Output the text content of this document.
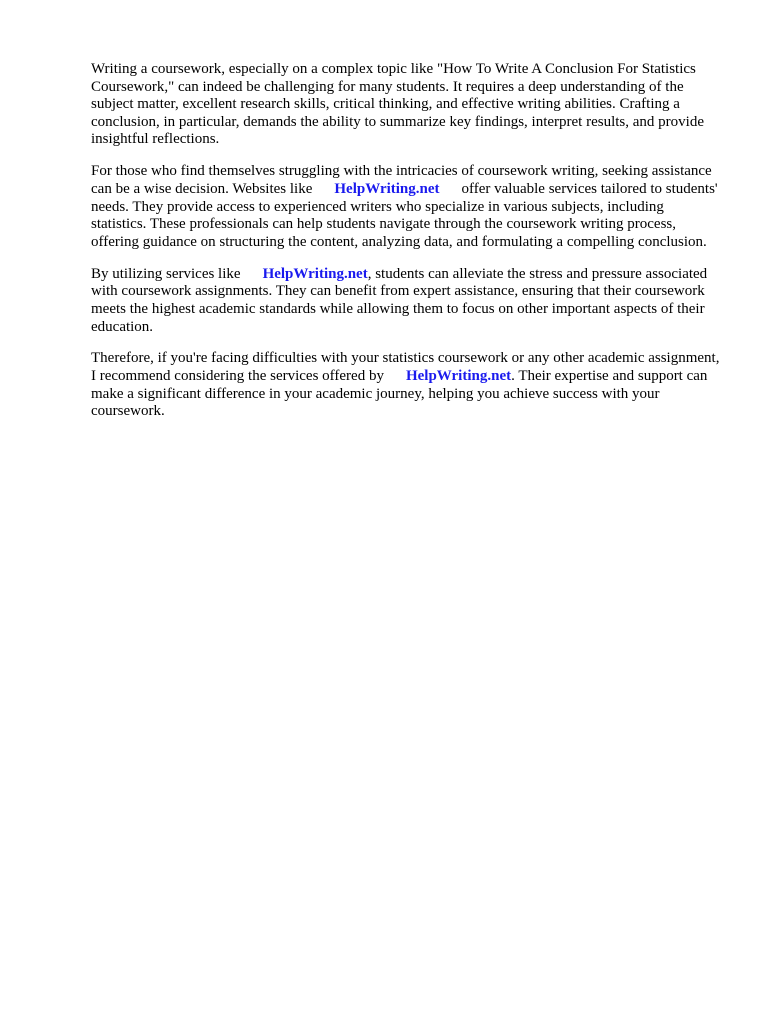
Writing a coursework, especially on a complex topic like "How To Write A Conclusion For Statistics Coursework," can indeed be challenging for many students. It requires a deep understanding of the subject matter, excellent research skills, critical thinking, and effective writing abilities. Crafting a conclusion, in particular, demands the ability to summarize key findings, interpret results, and provide insightful reflections.

For those who find themselves struggling with the intricacies of coursework writing, seeking assistance can be a wise decision. Websites like HelpWriting.net offer valuable services tailored to students' needs. They provide access to experienced writers who specialize in various subjects, including statistics. These professionals can help students navigate through the coursework writing process, offering guidance on structuring the content, analyzing data, and formulating a compelling conclusion.

By utilizing services like HelpWriting.net, students can alleviate the stress and pressure associated with coursework assignments. They can benefit from expert assistance, ensuring that their coursework meets the highest academic standards while allowing them to focus on other important aspects of their education.

Therefore, if you're facing difficulties with your statistics coursework or any other academic assignment, I recommend considering the services offered by HelpWriting.net. Their expertise and support can make a significant difference in your academic journey, helping you achieve success with your coursework.
